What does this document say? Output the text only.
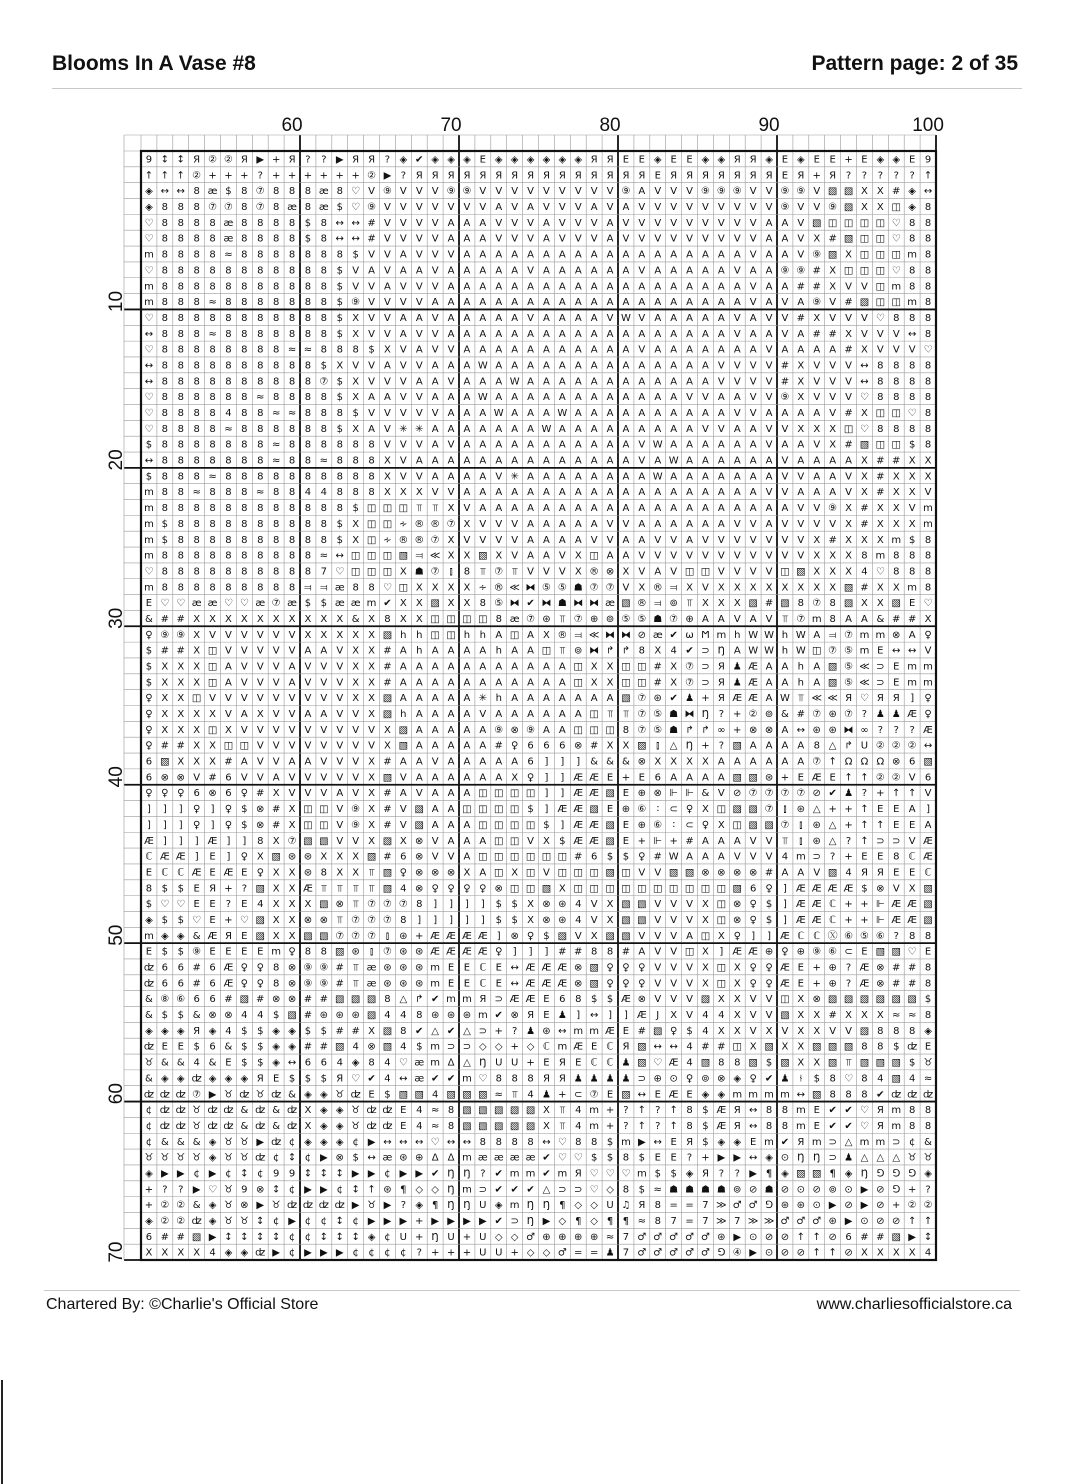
Blooms In A Vase #8	Pattern page: 2 of 35
9 ↕ ↕ Я ② ② Я ▶ + Я ? ? ▶ Я Я ? ◈ ✔ ◈ ◈ ◈ E ◈ ◈ ◈ ◈ ◈ ◈ Я Я E E ◈ E E ◈ ◈ Я Я ◈ E ◈ E E + E ◈ ◈ E 9
↑ ↑ ↑ ② + + + ? + + + + + + ② ▶ ? Я Я Я Я Я Я Я Я Я Я Я Я Я Я Я E Я Я Я Я Я Я Я E Я + Я ? ? ? ? ? ↑
◈ ↔ ↔ 8 æ $ 8 ⑦ 8 8 8 æ 8 ♡ V ⑨ V V V ⑨ ⑨ V V V V V V V V V ⑨ A V V V ⑨ ⑨ ⑨ V V ⑨ ⑨ V ▧ ▧ X X # ◈ ↔
◈ 8 8 8 ⑦ ⑦ 8 ⑦ 8 æ 8 æ $ ♡ ⑨ V V V V V V V A V A V V V A V A V V V V V V V V V ⑨ V V ⑨ ▧ X X ◫ ◈ 8
♡ 8 8 8 8 æ 8 8 8 8 $ 8 ↔ ↔ # V V V V A A A V V V A V V V A V V V V V V V V V A A V ▧ ◫ ◫ ◫ ◫ ♡ 8 8
♡ 8 8 8 8 æ 8 8 8 8 $ 8 ↔ ↔ # V V V V A A A V V V A V V V A V V V V V V V V V A A V X # ▧ ◫ ◫ ♡ 8 8
m 8 8 8 8 ≈ 8 8 8 8 8 8 8 $ V V A V V V A A A A A A A A A A A A A A A A A A V A A V ⑨ ▧ X ◫ ◫ ◫ m 8
♡ 8 8 8 8 8 8 8 8 8 8 8 $ V A V A A V A A A A A V A A A A A A V A A A A A V A A ⑨ ⑨ # X ◫ ◫ ◫ ♡ 8 8
m 8 8 8 8 8 8 8 8 8 8 8 $ V V A V V V A A A A A A A A A A A A A A A A A A A V A A # # X V V ◫ m 8 8
m 8 8 8 ≈ 8 8 8 8 8 8 8 $ ⑨ V V V V A A A A A A A A A A A A A A A A A A A A V A V A ⑨ V # ▧ ◫ ◫ m 8
♡ 8 8 8 8 8 8 8 8 8 8 8 $ X V V A A V A A A A A V A A A A V W V A A A A A V A V V # X V V V ♡ 8 8 8
↔ 8 8 8 ≈ 8 8 8 8 8 8 8 $ X V V A V V A A A A A A A A A A A A A A A A A A V A A V A # # X V V V ↔ 8
♡ 8 8 8 8 8 8 8 8 ≈ ≈ 8 8 8 $ X V A V V A A A A A A A A A A A V A A A A A A A V A A A A # X V V V ♡
↔ 8 8 8 8 8 8 8 8 8 8 $ X V V A V V A A A W A A A A A A A A A A A A A A V V V V # X V V V ↔ 8 8 8 8
↔ 8 8 8 8 8 8 8 8 8 8 ⑦ $ X V V V A A V A A A W A A A A A A A A A A A A V V V V # X V V V ↔ 8 8 8 8
♡ 8 8 8 8 8 8 ≈ 8 8 8 8 $ X A A V V A A A W A A A A A A A A A A A A V V A A V V ⑨ X V V V ♡ 8 8 8 8
♡ 8 8 8 8 4 8 8 ≈ ≈ 8 8 8 $ V V V V V A A A W A A A W A A A A A A A A A A V V A A A A V # X ◫ ◫ ♡ 8
♡ 8 8 8 8 ≈ 8 8 8 8 8 8 $ X A V ✳ ✳ A A A A A A A W A A A A A A A A A V V A A V V X X X ◫ ♡ 8 8 8 8
$ 8 8 8 8 8 8 8 ≈ 8 8 8 8 8 8 V V V A V A A A A A A A A A A A V W A A A A A A V A A V X # ▧ ◫ ◫ $ 8
↔ 8 8 8 8 8 8 8 ≈ 8 8 ≈ 8 8 8 X V A A A A A A A A A A A A A A V A W A A A A A A V A A A A X # # X X
$ 8 8 8 ≈ 8 8 8 8 8 8 8 8 8 8 X V V A A A A V ✳ A A A A A A A A W A A A A A A A V V A A V X # X X X
m 8 8 ≈ 8 8 8 ≈ 8 8 4 4 8 8 8 X X X V V A A A A A A A A A A A A A A A A A A A V V A A A V X # X X V
m 8 8 8 8 8 8 8 8 8 8 8 8 $ ◫ ◫ ◫ ⫪ ⫪ X V A A A A A A A A A A A A A A A A A A A A V V ⑨ X # X X V m
m $ 8 8 8 8 8 8 8 8 8 8 $ X ◫ ◫ ∻ ® ® ⑦ X V V V A A A A A V V A A A A A A V V A V V V V X # X X X m
m $ 8 8 8 8 8 8 8 8 8 8 $ X ◫ ∻ ® ® ⑦ X V V V V A A A A V V A A V V A V V V V V V V X # X X X m $ 8
m 8 8 8 8 8 8 8 8 8 8 ≈ ↔ ◫ ◫ ◫ ▧ ⫤ ≪ X X ▧ X V A A V X ◫ A A V V V V V V V V V V V X X X 8 m 8 8 8
♡ 8 8 8 8 8 8 8 8 8 8 7 ♡ ◫ ◫ ◫ X ☗ ⑦ ⫾ 8 ⫪ ⑦ ⫪ V V V X ® ⊗ X V A V ◫ ◫ V V V V ◫ ▧ X X X 4 ♡ 8 8 8
m 8 8 8 8 8 8 8 8 8 ⫤ ⫤ æ 8 8 ♡ ◫ X X X X ∻ ® ≪ ⧓ ⑤ ⑤ ☗ ⑦ ⑦ V X ® ⫤ X V X X X X X X X X ▧ # X X m 8
E ♡ ♡ æ æ ♡ ♡ æ ⑦ æ $ $ æ æ m ✔ X X ▧ X X 8 ⑤ ⧓ ✔ ⧓ ☗ ⧓ ⧓ æ ▧ ® ⫤ ⊚ ⫪ X X X ▧ # ▧ 8 ⑦ 8 ▧ X X ▧ E ♡
& # # X X X X X X X X X X & X 8 X X ◫ ◫ ◫ ◫ 8 æ ⑦ ⊛ ⫪ ⑦ ⊕ ⊚ ⑤ ⑤ ☗ ⑦ ⊕ A A V A V ⫪ ⑦ m 8 A A & # # X
♀ ⑨ ⑨ X V V V V V V X X X X X ▧ h h ◫ ◫ h h A ◫ A X ® ⫤ ≪ ⧓ ⧓ ⊘ æ ✔ ω Ϻ m h W W h W A ⫤ ⑦ m m ⊗ A ♀
$ # # X ◫ V V V V V A A V X X # A h A A A A h A A ◫ ⫪ ⊚ ⧓ ↱ ↱ 8 X 4 ✔ ⊃ Ŋ A W W h W ◫ ⑦ ⑤ m E ↔ ↔ V
$ X X X ◫ A V V V A V V V X X # A A A A A A A A A A A ◫ X X ◫ ◫ # X ⑦ ⊃ Я ♟ Æ A A h A ▧ ⑤ ≪ ⊃ E m m
$ X X X ◫ A V V V A V V V X X # A A A A A A A A A A A ◫ X X ◫ ◫ # X ⑦ ⊃ Я ♟ Æ A A h A ▧ ⑤ ≪ ⊃ E m m
♀ X X ◫ V V V V V V V V V X X ▧ A A A A A ✳ h A A A A A A A ▧ ⑦ ⊛ ✔ ♟ + Я Æ Æ A W ⫪ ≪ ≪ Я ♡ Я Я ] ♀
♀ X X X X V A X V V A A V V X ▧ h A A A A V A A A A A A ◫ ⫪ ⫪ ⑦ ⑤ ☗ ⧓ Ŋ ? + ② ⊚ & # ⑦ ⊛ ⑦ ? ♟ ♟ Æ ♀
♀ X X X ◫ X V V V V V V V V V X ▧ A A A A A ⑨ ⊗ ⑨ A A ◫ ◫ ◫ 8 ⑦ ⑤ ☗ ↱ ↱ ∞ + ⊗ ⊗ A ↔ ⊛ ⊛ ⧓ ∞ ? ? ? Æ
♀ # # X X ◫ ◫ V V V V V V V V X ▧ A A A A A # ♀ 6 6 6 ⊗ # X X ▧ ⫾ △ Ŋ + ? ▧ A A A A 8 △ ↱ U ② ② ② ↔
6 ▧ X X X # A V V A A V V V X # A A V A A A A A 6 ] ] ] & & & ⊗ X X X X A A A A A A ⑦ ↑ Ω Ω Ω ⊗ 6 ▧
6 ⊗ ⊗ V # 6 V V A V V V V V X ▧ V A A A A A A X ♀ ] ] Æ Æ E + E 6 A A A A ▧ ▧ ⊛ + E Æ E ↑ ↑ ② ② V 6
♀ ♀ ♀ 6 ⊗ 6 ♀ # X V V V A V X # A V A A A ◫ ◫ ◫ ◫ ] ] Æ Æ ▧ E ⊕ ⊗ ⊩ ⊩ & V ⊘ ⑦ ⑦ ⑦ ⑦ ⊘ ✔ ♟ ? + ↑ ↑ V
] ] ] ♀ ] ♀ $ ⊗ # X ◫ ◫ V ⑨ X # V ▧ A A ◫ ◫ ◫ ◫ $ ] Æ Æ ▧ E ⊕ ⑥ ∶ ⊂ ♀ X ◫ ▧ ▧ ⑦ ⫾ ⊛ △ + + ↑ E E A ]
] ] ] ♀ ] ♀ $ ⊗ # X ◫ ◫ V ⑨ X # V ▧ A A A ◫ ◫ ◫ ◫ $ ] Æ Æ ▧ E ⊕ ⑥ ∶ ⊂ ♀ X ◫ ▧ ▧ ⑦ ⫾ ⊛ △ + ↑ ↑ E E A
Æ ] ] ] Æ ] ] 8 X ⑦ ▧ ▧ V V X ▧ X ⊗ V A A A ◫ ◫ V X $ Æ Æ ▧ E + ⊩ + # A A A V V ⫪ ⫾ ⊛ △ ? ↑ ⊃ ⊃ V Æ
ℂ Æ Æ ] E ] ♀ X ▧ ⊛ ⊛ X X X ▧ # 6 ⊗ V V A ◫ ◫ ◫ ◫ ◫ ◫ # 6 $ $ ♀ # W A A A V V V 4 m ⊃ ? + E E 8 ℂ Æ
E ℂ ℂ Æ E Æ E ♀ X X ⊛ 8 X X ⫪ ▧ ♀ ⊗ ⊗ ⊗ X A ◫ X ◫ V ◫ ◫ ◫ ▧ ◫ V V ▧ ▧ ⊗ ⊗ ⊗ ⊗ # A A V ▧ 4 Я Я E E ℂ
8 $ $ E Я + ? ▧ X X Æ ⫪ ⫪ ⫪ ⫪ ▧ 4 ⊗ ♀ ♀ ♀ ♀ ⊗ ◫ ◫ ▧ X ◫ ◫ ◫ ◫ ◫ ◫ ◫ ◫ ◫ ◫ ▧ 6 ♀ ] Æ Æ Æ Æ $ ⊗ V X ▧
$ ♡ ♡ E E ? E 4 X X X ▧ ⊗ ⫪ ⑦ ⑦ ⑦ 8 ] ] ] ] $ $ X ⊗ ⊛ 4 V X ▧ ▧ V V V X ◫ ⊗ ♀ $ ] Æ Æ ℂ + + ⊩ Æ Æ ▧
◈ $ $ ♡ E + ♡ ▧ X X ⊗ ⊗ ⫪ ⑦ ⑦ ⑦ 8 ] ] ] ] ] $ $ X ⊗ ⊛ 4 V X ▧ ▧ V V V X ◫ ⊗ ♀ $ ] Æ Æ ℂ + + ⊩ Æ Æ ▧
m ◈ ◈ & Æ Я E ▧ X X ▧ ▧ ⑦ ⑦ ⑦ ⫾ ⊛ + Æ Æ Æ Æ ] ⊗ ♀ $ ▧ V X ▧ ▧ V V V A ◫ X ♀ ] ] Æ ℂ ℂ Ⓧ ⑥ ⑤ ⑥ ? 8 8
E $ $ ⑨ E E E E m ♀ 8 8 ▧ ⊛ ⫾ ⑦ ⊛ ⊛ Æ Æ Æ Æ ♀ ] ] ] # # 8 8 # A V V ◫ X ] Æ Æ ⊕ ♀ ⊕ ⑨ ⑥ ⊂ E ▧ ▧ ♡ E
ʣ 6 6 # 6 Æ ♀ ♀ 8 ⊗ ⑨ ⑨ # ⫪ æ ⊛ ⊛ ⊛ m E E ℂ E ↔ Æ Æ Æ ⊗ ▧ ♀ ♀ ♀ V V V X ◫ X ♀ ♀ Æ E + ⊕ ? Æ ⊗ # # 8
ʣ 6 6 # 6 Æ ♀ ♀ 8 ⊗ ⑨ ⑨ # ⫪ æ ⊛ ⊛ ⊛ m E E ℂ E ↔ Æ Æ Æ ⊗ ▧ ♀ ♀ ♀ V V V X ◫ X ♀ ♀ Æ E + ⊕ ? Æ ⊗ # # 8
& ⑧ ⑥ 6 6 # ▧ # ⊗ ⊗ # # ▧ ▧ ▧ 8 △ ↱ ✔ m m Я ⊃ Æ Æ E 6 8 $ $ Æ ⊗ V V V ▧ X X V V ◫ X ⊗ ▧ ▧ ▧ ▧ ▧ ▧ $
& $ $ & ⊗ ⊗ 4 4 $ ▧ # ⊛ ⊛ ⊛ ▧ 4 4 8 ⊛ ⊛ ⊛ m ✔ ⊗ Я E ♟ ] ↔ ] ] Æ J X V 4 4 X V V ▧ X X # X X X ≈ ≈ 8
◈ ◈ ◈ Я ◈ 4 $ $ ◈ ◈ $ $ # # X ▧ 8 ✔ △ ✔ △ ⊃ + ? ♟ ⊛ ↔ m m Æ E # ▧ ♀ $ 4 X X V X V X X V V ▧ 8 8 8 ◈
ʣ E E $ 6 & $ $ ◈ ◈ # # ▧ 4 ⊗ ▧ 4 $ m ⊃ ⊃ ◇ ◇ + ◇ ℂ m Æ E ℂ Я ▧ ↔ ↔ 4 # # ◫ X ▧ X X ▧ ▧ ▧ 8 8 $ ʣ E
♉ & & 4 & E $ $ ◈ ↔ 6 6 4 ◈ 8 4 ♡ æ m Δ △ Ŋ U U + E Я E ℂ ℂ ♟ ▧ ♡ Æ 4 ▧ 8 8 ▧ $ ▧ X X ▧ ⫪ ▧ ▧ ▧ $ ♉
& ◈ ◈ ʣ ◈ ◈ ◈ Я E $ $ $ Я ♡ ✔ 4 ↔ æ ✔ ✔ m ♡ 8 8 8 Я Я ♟ ♟ ♟ ♟ ⊃ ⊕ ⊙ ♀ ⊚ ⊗ ◈ ♀ ✔ ♟ ⫮ $ 8 ♡ 8 4 ▧ 4 ≈
ʣ ʣ ʣ ⑦ ▶ ♉ ʣ ♉ ʣ & ◈ ◈ ♉ ʣ E $ ▧ ▧ 4 ▧ ▧ ▧ ≈ ⫪ 4 ♟ + ⊂ ⑦ E ▧ ↔ E Æ E ◈ ◈ m m m m ↔ ▧ 8 8 8 ✔ ʣ ʣ ʣ
¢ ʣ ʣ ♉ ʣ ʣ & ʣ & ʣ X ◈ ◈ ♉ ʣ ʣ E 4 ≈ 8 ▧ ▧ ▧ ▧ ▧ X ⫪ 4 m + ? ↑ ? ↑ 8 $ Æ Я ↔ 8 8 m E ✔ ✔ ♡ Я m 8 8
¢ ʣ ʣ ♉ ʣ ʣ & ʣ & ʣ X ◈ ◈ ♉ ʣ ʣ E 4 ≈ 8 ▧ ▧ ▧ ▧ ▧ X ⫪ 4 m + ? ↑ ? ↑ 8 $ Æ Я ↔ 8 8 m E ✔ ✔ ♡ Я m 8 8
¢ & & & ◈ ♉ ♉ ▶ ʣ ¢ ◈ ◈ ◈ ¢ ▶ ↔ ↔ ↔ ♡ ↔ ↔ 8 8 8 8 ↔ ♡ 8 8 $ m ▶ ↔ E Я $ ◈ ◈ E m ✔ Я m ⊃ △ m m ⊃ ¢ &
♉ ♉ ♉ ♉ ◈ ♉ ♉ ʣ ¢ ↕ ¢ ▶ ⊗ $ ↔ æ ⊛ ⊕ Δ Δ m æ æ æ æ ✔ ♡ ♡ $ $ 8 $ E E ? + ▶ ▶ ↔ ◈ ⊙ Ŋ Ŋ ⊃ ♟ △ △ △ ♉ ♉
◈ ▶ ▶ ¢ ▶ ¢ ↕ ¢ 9 9 ↕ ↕ ↕ ▶ ▶ ¢ ▶ ▶ ✔ Ŋ Ŋ ? ✔ m m ✔ m Я ♡ ♡ ♡ m $ $ ◈ Я ? ? ▶ ¶ ◈ ▧ ▧ ¶ ◈ Ŋ ⅁ ⅁ ⅁ ◈
+ ? ? ▶ ♡ ♉ 9 ⊗ ↕ ¢ ▶ ▶ ¢ ↕ ↑ ⊛ ¶ ◇ ◇ Ŋ m ⊃ ✔ ✔ ✔ △ ⊃ ⊃ ♡ ◇ 8 $ ≈ ☗ ☗ ☗ ☗ ⊚ ⊘ ☗ ⊘ ⊙ ⊘ ⊚ ⊙ ▶ ⊘ ⅁ + ?
+ ② ② & ◈ ♉ ⊗ ▶ ♉ ʣ ʣ ʣ ʣ ▶ ♉ ▶ ? ◈ ¶ Ŋ Ŋ U ◈ m Ŋ Ŋ ¶ ◇ ◇ U ♫ Я 8 = = 7 ≫ ♂ ♂ ⅁ ⊛ ⊛ ⊙ ▶ ⊘ ▶ ⊘ + ② ②
◈ ② ② ʣ ◈ ♉ ♉ ↕ ¢ ▶ ¢ ¢ ↕ ¢ ▶ ▶ ▶ + ▶ ▶ ▶ ▶ ✔ ⊃ Ŋ ▶ ◇ ¶ ◇ ¶ ¶ ≈ 8 7 = 7 ≫ 7 ≫ ≫ ♂ ♂ ♂ ⊛ ▶ ⊙ ⊘ ⊘ ↑ ↑
6 # # ▧ ▶ ↕ ↕ ↕ ↕ ¢ ¢ ↕ ↕ ↕ ◈ ¢ U + Ŋ U + U ◇ ◇ ♂ ⊕ ⊕ ⊕ ⊕ ≈ 7 ♂ ♂ ♂ ♂ ♂ ⊛ ▶ ⊙ ⊘ ⊘ ↑ ↑ ⊘ 6 # # ▧ ▶ ↕
X X X X 4 ◈ ◈ ʣ ▶ ¢ ▶ ▶ ▶ ¢ ¢ ¢ ¢ ? + + + U U + ◇ ◇ ♂ = = ♟ 7 ♂ ♂ ♂ ♂ ♂ ⅁ ④ ▶ ⊙ ⊘ ⊘ ↑ ↑ ⊘ X X X X 4
60	70	80	90	100
10
20
30
40
50
60
70
Chartered By: ©Charlie's Official Store	www.charliesofficialstore.ca
